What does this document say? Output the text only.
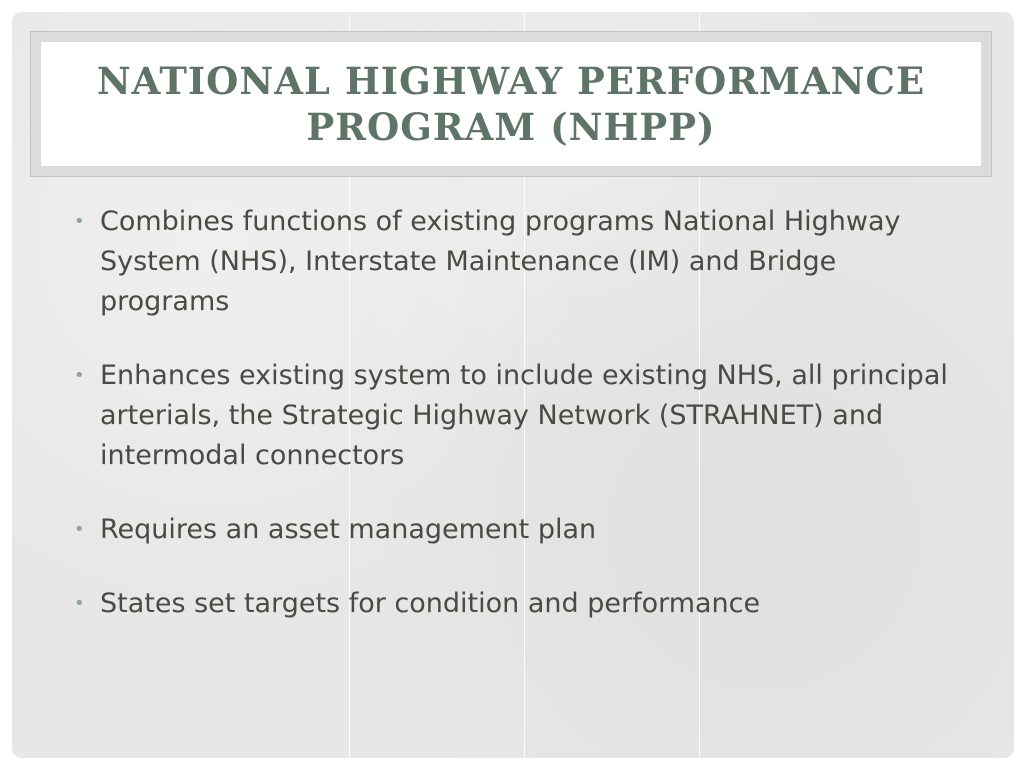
NATIONAL HIGHWAY PERFORMANCE PROGRAM (NHPP)
• Combines functions of existing programs National Highway System (NHS), Interstate Maintenance (IM) and Bridge programs
• Enhances existing system to include existing NHS, all principal arterials, the Strategic Highway Network (STRAHNET) and intermodal connectors
• Requires an asset management plan
• States set targets for condition and performance
